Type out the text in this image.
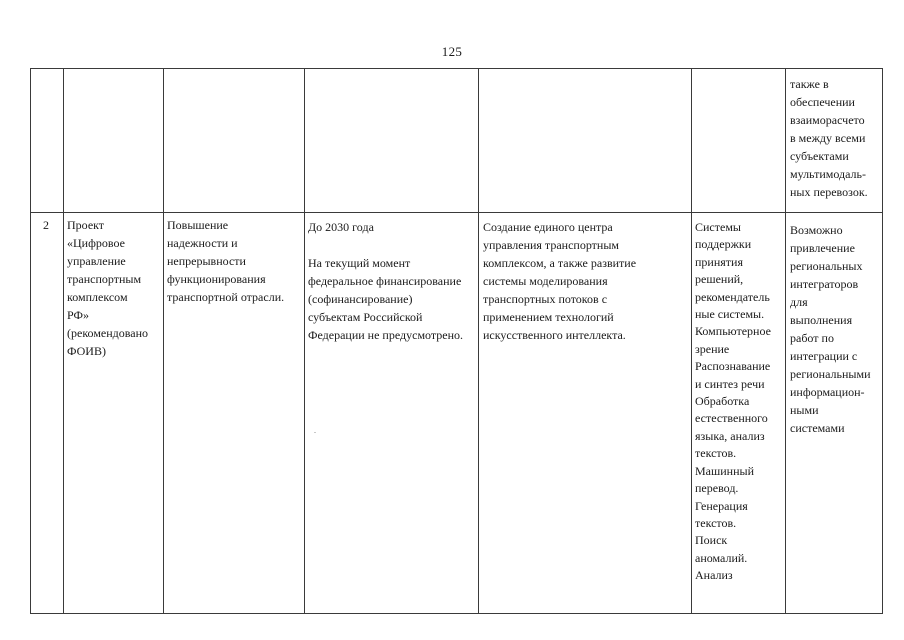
125
также в
обеспечении
взаиморасчето
в между всеми
субъектами
мультимодаль-
ных перевозок.
2	Проект
«Цифровое
управление
транспортным
комплексом
РФ»
(рекомендовано
ФОИВ)
Повышение
надежности и
непрерывности
функционирования
транспортной отрасли.
До 2030 года

На текущий момент
федеральное финансирование
(софинансирование)
субъектам Российской
Федерации не предусмотрено.
Создание единого центра
управления транспортным
комплексом, а также развитие
системы моделирования
транспортных потоков с
применением технологий
искусственного интеллекта.
Системы
поддержки
принятия
решений,
рекомендатель
ные системы.
Компьютерное
зрение
Распознавание
и синтез речи
Обработка
естественного
языка, анализ
текстов.
Машинный
перевод.
Генерация
текстов.
Поиск
аномалий.
Анализ
Возможно
привлечение
региональных
интеграторов
для
выполнения
работ по
интеграции с
региональными
информацион-
ными
системами
